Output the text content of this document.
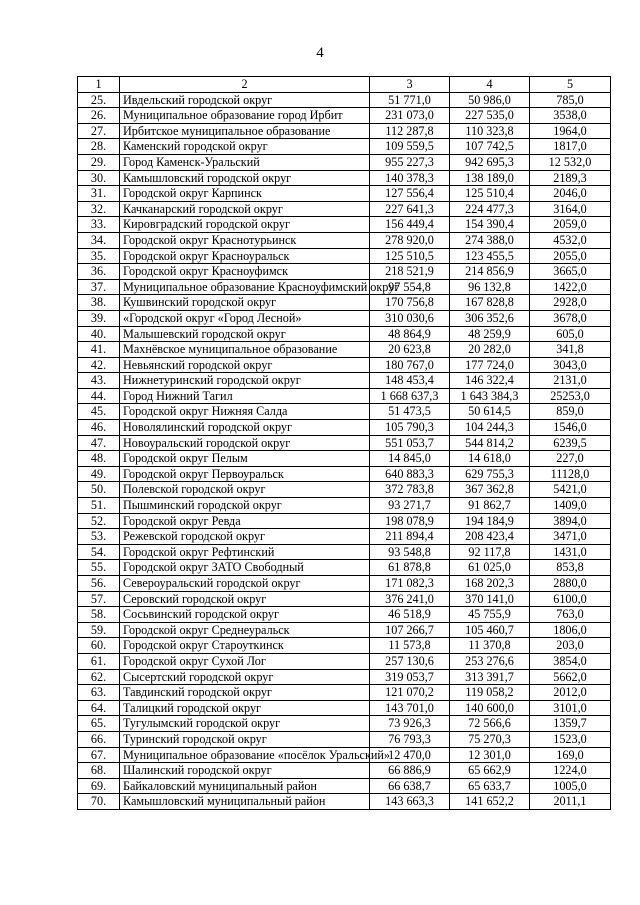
4
1	2	3	4	5
25.	Ивдельский городской округ	51 771,0	50 986,0	785,0
26.	Муниципальное образование город Ирбит	231 073,0	227 535,0	3538,0
27.	Ирбитское муниципальное образование	112 287,8	110 323,8	1964,0
28.	Каменский городской округ	109 559,5	107 742,5	1817,0
29.	Город Каменск-Уральский	955 227,3	942 695,3	12 532,0
30.	Камышловский городской округ	140 378,3	138 189,0	2189,3
31.	Городской округ Карпинск	127 556,4	125 510,4	2046,0
32.	Качканарский городской округ	227 641,3	224 477,3	3164,0
33.	Кировградский городской округ	156 449,4	154 390,4	2059,0
34.	Городской округ Краснотурьинск	278 920,0	274 388,0	4532,0
35.	Городской округ Красноуральск	125 510,5	123 455,5	2055,0
36.	Городской округ Красноуфимск	218 521,9	214 856,9	3665,0
37.	Муниципальное образование Красноуфимский округ	97 554,8	96 132,8	1422,0
38.	Кушвинский городской округ	170 756,8	167 828,8	2928,0
39.	«Городской округ «Город Лесной»	310 030,6	306 352,6	3678,0
40.	Малышевский городской округ	48 864,9	48 259,9	605,0
41.	Махнёвское муниципальное образование	20 623,8	20 282,0	341,8
42.	Невьянский городской округ	180 767,0	177 724,0	3043,0
43.	Нижнетуринский городской округ	148 453,4	146 322,4	2131,0
44.	Город Нижний Тагил	1 668 637,3	1 643 384,3	25253,0
45.	Городской округ Нижняя Салда	51 473,5	50 614,5	859,0
46.	Новолялинский городской округ	105 790,3	104 244,3	1546,0
47.	Новоуральский городской округ	551 053,7	544 814,2	6239,5
48.	Городской округ Пелым	14 845,0	14 618,0	227,0
49.	Городской округ Первоуральск	640 883,3	629 755,3	11128,0
50.	Полевской городской округ	372 783,8	367 362,8	5421,0
51.	Пышминский городской округ	93 271,7	91 862,7	1409,0
52.	Городской округ Ревда	198 078,9	194 184,9	3894,0
53.	Режевской городской округ	211 894,4	208 423,4	3471,0
54.	Городской округ Рефтинский	93 548,8	92 117,8	1431,0
55.	Городской округ ЗАТО Свободный	61 878,8	61 025,0	853,8
56.	Североуральский городской округ	171 082,3	168 202,3	2880,0
57.	Серовский городской округ	376 241,0	370 141,0	6100,0
58.	Сосьвинский городской округ	46 518,9	45 755,9	763,0
59.	Городской округ Среднеуральск	107 266,7	105 460,7	1806,0
60.	Городской округ Староуткинск	11 573,8	11 370,8	203,0
61.	Городской округ Сухой Лог	257 130,6	253 276,6	3854,0
62.	Сысертский городской округ	319 053,7	313 391,7	5662,0
63.	Тавдинский городской округ	121 070,2	119 058,2	2012,0
64.	Талицкий городской округ	143 701,0	140 600,0	3101,0
65.	Тугулымский городской округ	73 926,3	72 566,6	1359,7
66.	Туринский городской округ	76 793,3	75 270,3	1523,0
67.	Муниципальное образование «посёлок Уральский»	12 470,0	12 301,0	169,0
68.	Шалинский городской округ	66 886,9	65 662,9	1224,0
69.	Байкаловский муниципальный район	66 638,7	65 633,7	1005,0
70.	Камышловский муниципальный район	143 663,3	141 652,2	2011,1
